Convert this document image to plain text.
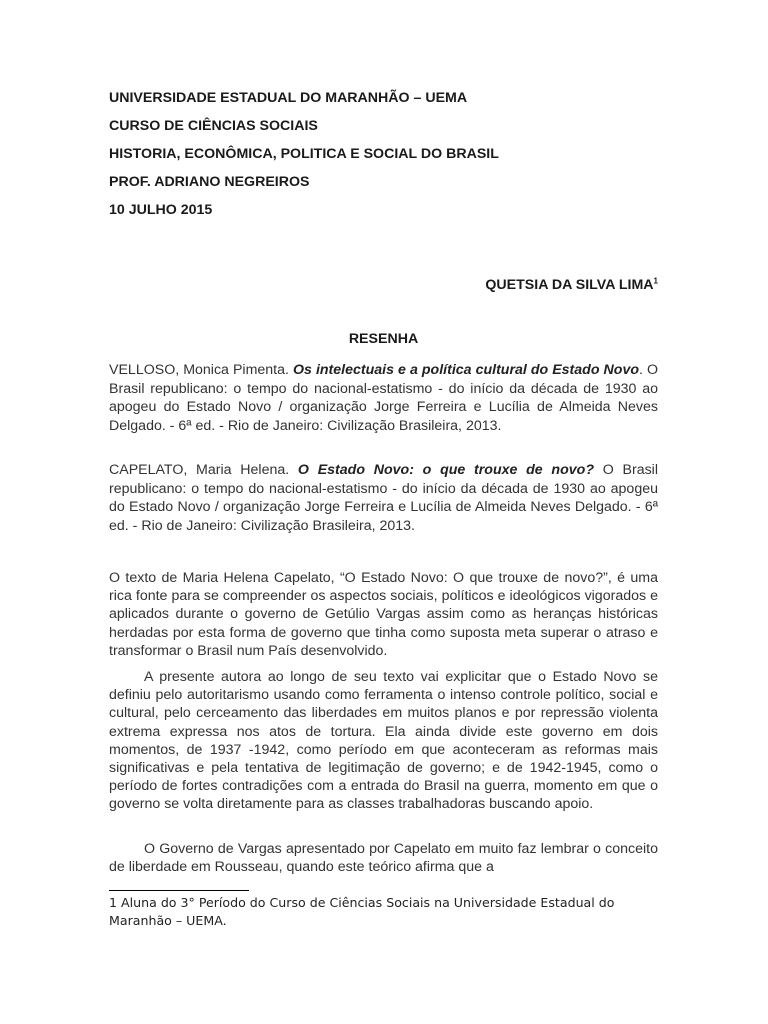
UNIVERSIDADE ESTADUAL DO MARANHÃO – UEMA

CURSO DE CIÊNCIAS SOCIAIS

HISTORIA, ECONÔMICA, POLITICA E SOCIAL DO BRASIL

PROF. ADRIANO NEGREIROS

10 JULHO 2015

QUETSIA DA SILVA LIMA$^1$

RESENHA

VELLOSO, Monica Pimenta. Os intelectuais e a política cultural do Estado Novo. O Brasil republicano: o tempo do nacional-estatismo - do início da década de 1930 ao apogeu do Estado Novo / organização Jorge Ferreira e Lucília de Almeida Neves Delgado. - 6ª ed. - Rio de Janeiro: Civilização Brasileira, 2013.

CAPELATO, Maria Helena. O Estado Novo: o que trouxe de novo? O Brasil republicano: o tempo do nacional-estatismo - do início da década de 1930 ao apogeu do Estado Novo / organização Jorge Ferreira e Lucília de Almeida Neves Delgado. - 6ª ed. - Rio de Janeiro: Civilização Brasileira, 2013.

O texto de Maria Helena Capelato, “O Estado Novo: O que trouxe de novo?”, é uma rica fonte para se compreender os aspectos sociais, políticos e ideológicos vigorados e aplicados durante o governo de Getúlio Vargas assim como as heranças históricas herdadas por esta forma de governo que tinha como suposta meta superar o atraso e transformar o Brasil num País desenvolvido.

A presente autora ao longo de seu texto vai explicitar que o Estado Novo se definiu pelo autoritarismo usando como ferramenta o intenso controle político, social e cultural, pelo cerceamento das liberdades em muitos planos e por repressão violenta extrema expressa nos atos de tortura. Ela ainda divide este governo em dois momentos, de 1937 -1942, como período em que aconteceram as reformas mais significativas e pela tentativa de legitimação de governo; e de 1942-1945, como o período de fortes contradições com a entrada do Brasil na guerra, momento em que o governo se volta diretamente para as classes trabalhadoras buscando apoio.

O Governo de Vargas apresentado por Capelato em muito faz lembrar o conceito de liberdade em Rousseau, quando este teórico afirma que a

1 Aluna do 3° Período do Curso de Ciências Sociais na Universidade Estadual do Maranhão – UEMA.
